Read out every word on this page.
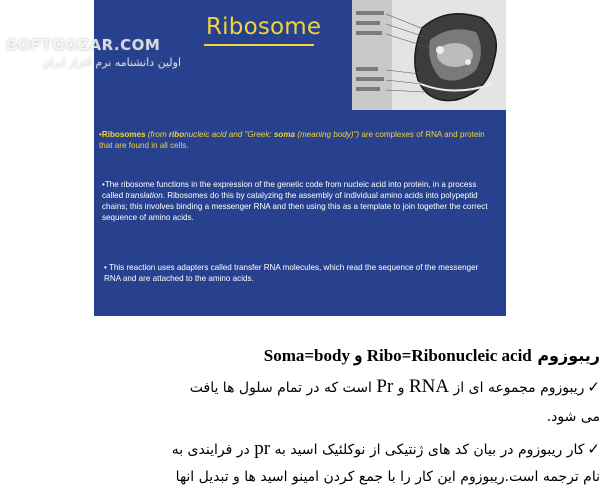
Ribosome
•Ribosomes (from ribonucleic acid and "Greek: soma (meaning body)") are complexes of RNA and protein that are found in all cells.
•The ribosome functions in the expression of the genetic code from nucleic acid into protein, in a process called translation. Ribosomes do this by catalyzing the assembly of individual amino acids into polypeptid chains; this involves binding a messenger RNA and then using this as a template to join together the correct sequence of amino acids.
• This reaction uses adapters called transfer RNA molecules, which read the sequence of the messenger RNA and are attached to the amino acids.
SOFTGOZAR.COM
اولین دانشنامه نرم افزار ایران
ریبوزوم Soma=body و Ribo=Ribonucleic acid
✓ریبوزوم مجموعه ای از RNA و Pr است که در تمام سلول ها یافت
می شود.
✓کار ریبوزوم در بیان کد های ژنتیکی از نوکلئیک اسید به pr در فرایندی به
نام ترجمه است.ریبوزوم این کار را با جمع کردن امینو اسید ها و تبدیل انها
